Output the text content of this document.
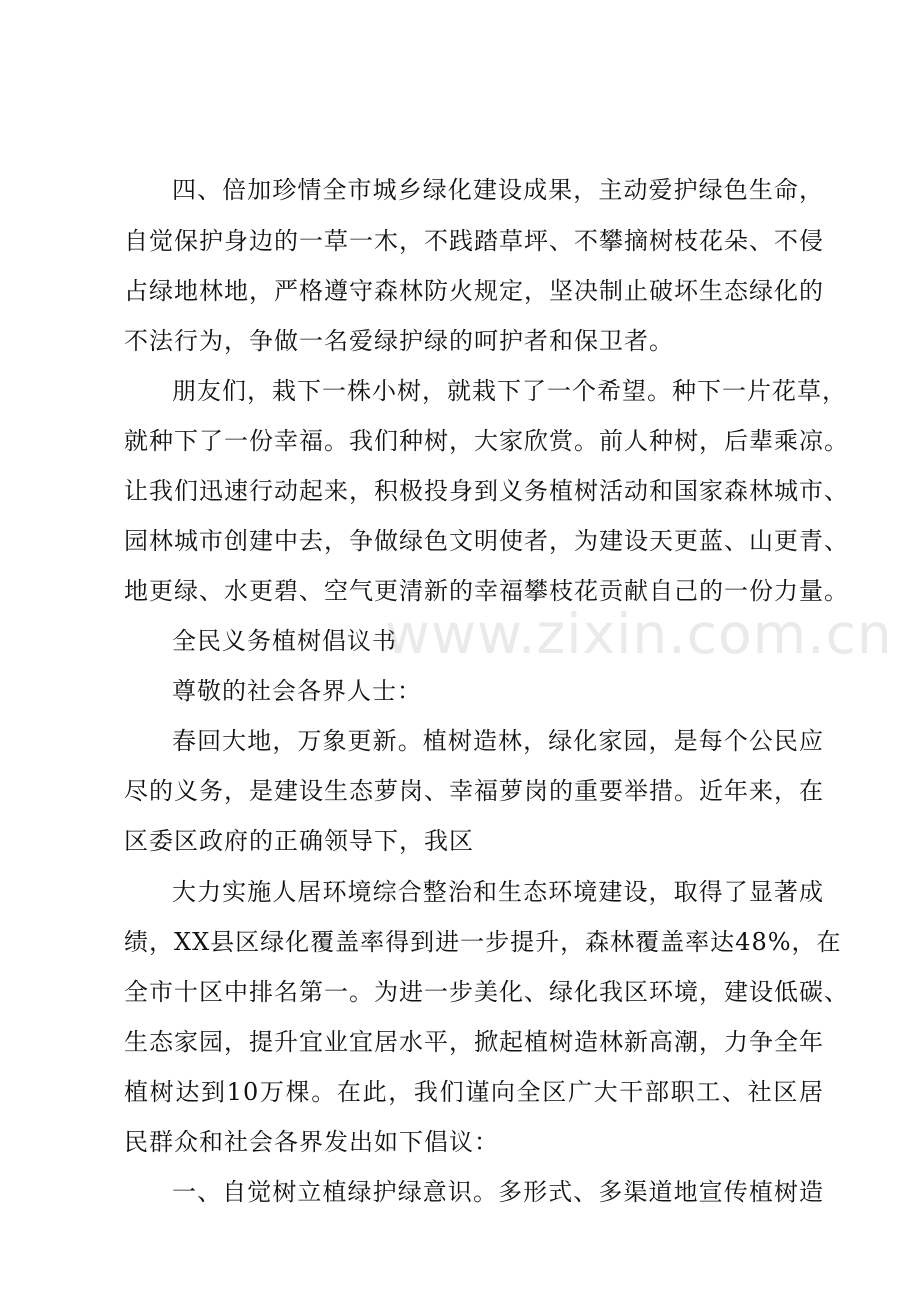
四、倍加珍情全市城乡绿化建设成果，主动爱护绿色生命，
自觉保护身边的一草一木，不践踏草坪、不攀摘树枝花朵、不侵
占绿地林地，严格遵守森林防火规定，坚决制止破坏生态绿化的
不法行为，争做一名爱绿护绿的呵护者和保卫者。
朋友们，栽下一株小树，就栽下了一个希望。种下一片花草，
就种下了一份幸福。我们种树，大家欣赏。前人种树，后辈乘凉。
让我们迅速行动起来，积极投身到义务植树活动和国家森林城市、
园林城市创建中去，争做绿色文明使者，为建设天更蓝、山更青、
地更绿、水更碧、空气更清新的幸福攀枝花贡献自己的一份力量。
全民义务植树倡议书
尊敬的社会各界人士：
春回大地，万象更新。植树造林，绿化家园，是每个公民应
尽的义务，是建设生态萝岗、幸福萝岗的重要举措。近年来，在
区委区政府的正确领导下，我区
大力实施人居环境综合整治和生态环境建设，取得了显著成
绩，XX县区绿化覆盖率得到进一步提升，森林覆盖率达48%，在
全市十区中排名第一。为进一步美化、绿化我区环境，建设低碳、
生态家园，提升宜业宜居水平，掀起植树造林新高潮，力争全年
植树达到10万棵。在此，我们谨向全区广大干部职工、社区居
民群众和社会各界发出如下倡议：
一、自觉树立植绿护绿意识。多形式、多渠道地宣传植树造
www.zixin.com.cn
